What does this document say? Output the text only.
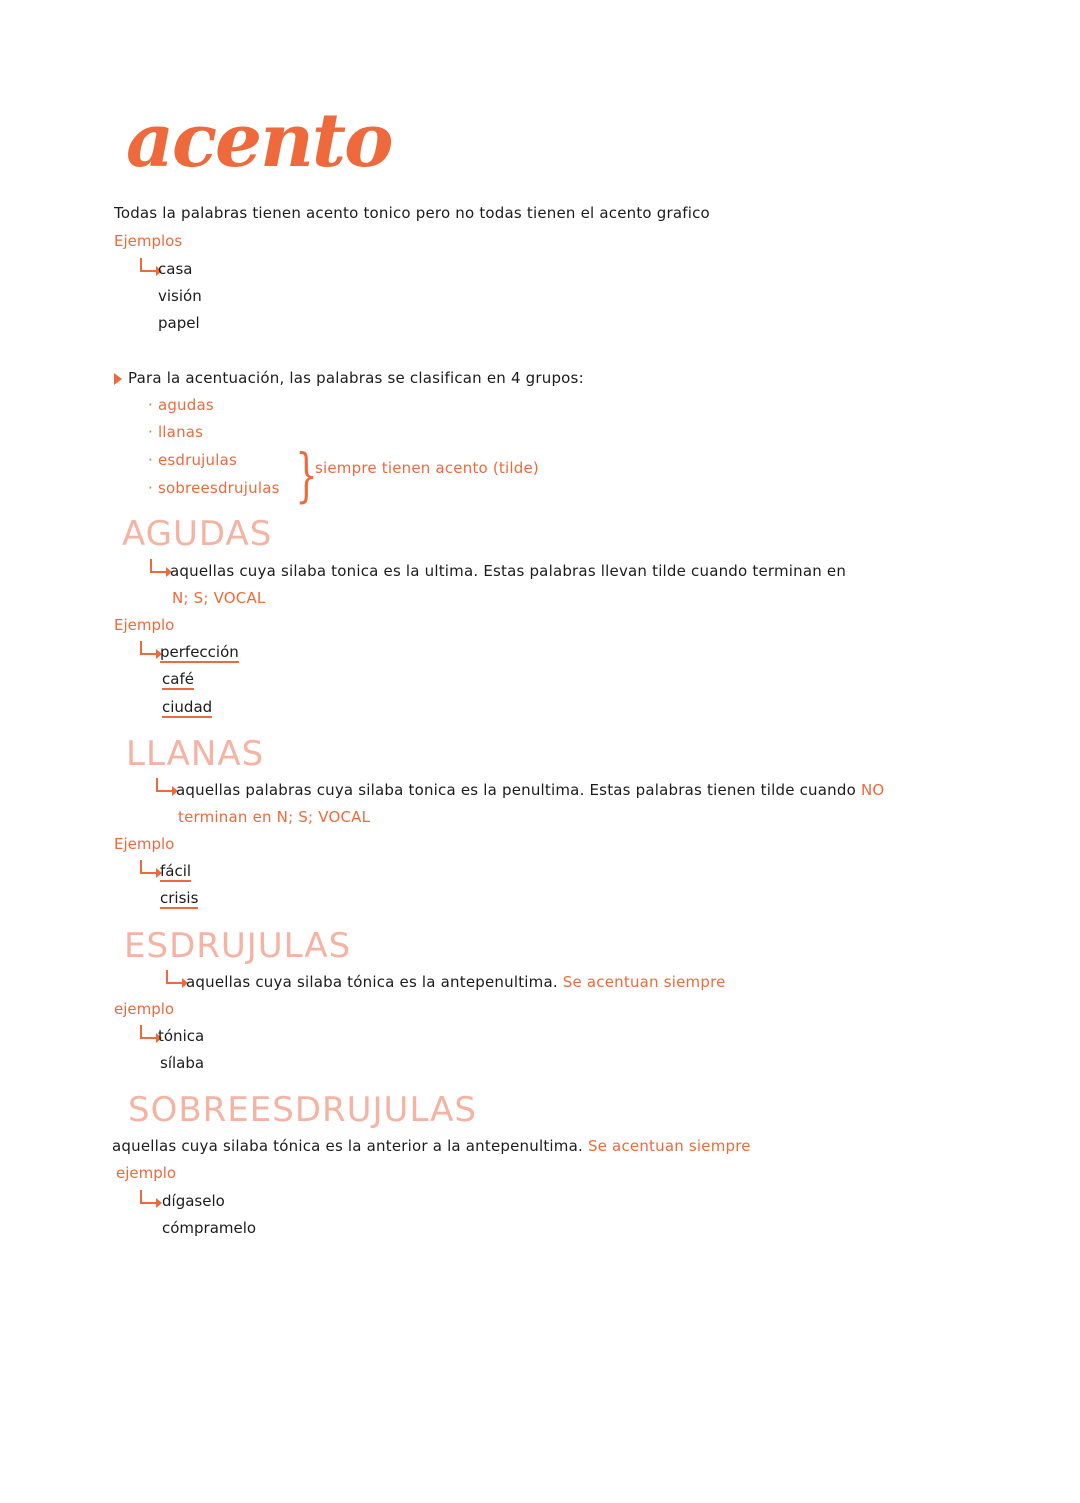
acento
Todas la palabras tienen acento tonico pero no todas tienen el acento grafico
Ejemplos
casa
visión
papel
Para la acentuación, las palabras se clasifican en 4 grupos:
· agudas
· llanas
· esdrujulas
· sobreesdrujulas }
siempre tienen acento (tilde)
AGUDAS
aquellas cuya silaba tonica es la ultima. Estas palabras llevan tilde cuando terminan en
N; S; VOCAL
Ejemplo
perfección
café
ciudad
LLANAS
aquellas palabras cuya silaba tonica es la penultima. Estas palabras tienen tilde cuando NO
terminan en N; S; VOCAL
Ejemplo
fácil
crisis
ESDRUJULAS
aquellas cuya silaba tónica es la antepenultima. Se acentuan siempre
ejemplo
tónica
sílaba
SOBREESDRUJULAS
aquellas cuya silaba tónica es la anterior a la antepenultima. Se acentuan siempre
ejemplo
dígaselo
cómpramelo
